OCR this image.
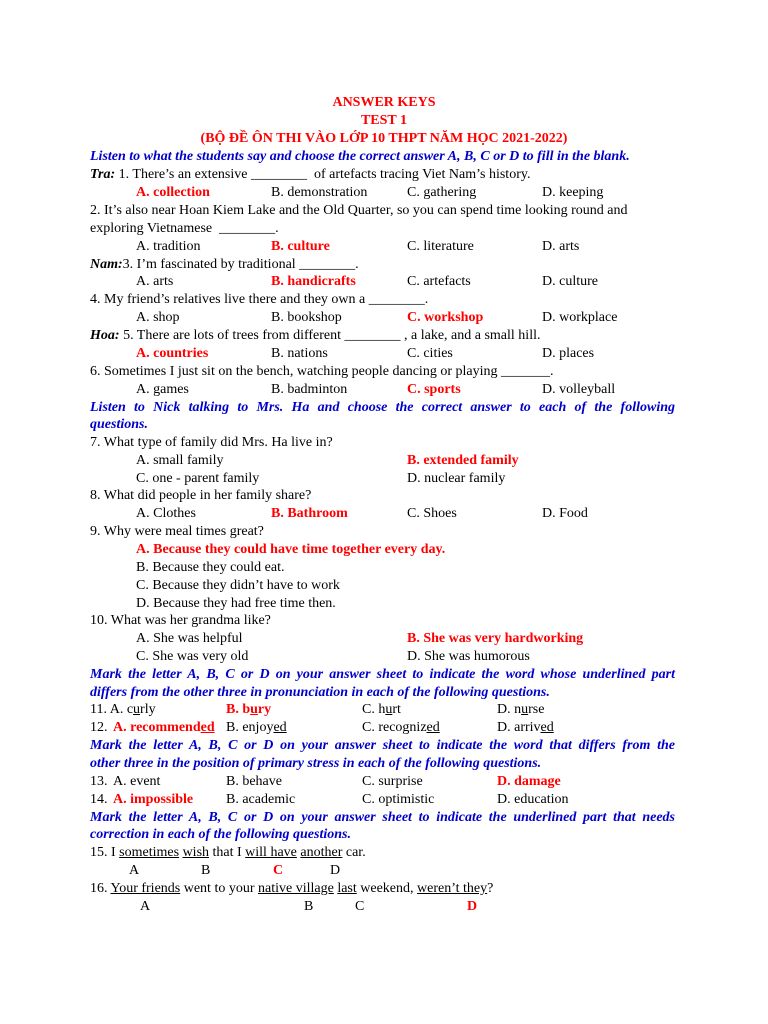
ANSWER KEYS
TEST 1
(BỘ ĐỀ ÔN THI VÀO LỚP 10 THPT NĂM HỌC 2021-2022)
Listen to what the students say and choose the correct answer A, B, C or D to fill in the blank.
Tra: 1. There’s an extensive ________  of artefacts tracing Viet Nam’s history.
A. collection	B. demonstration	C. gathering	D. keeping
2. It’s also near Hoan Kiem Lake and the Old Quarter, so you can spend time looking round and
exploring Vietnamese  ________.
A. tradition	B. culture	C. literature	D. arts
Nam:3. I’m fascinated by traditional ________.
A. arts	B. handicrafts	C. artefacts	D. culture
4. My friend’s relatives live there and they own a ________.
A. shop	B. bookshop	C. workshop	D. workplace
Hoa: 5. There are lots of trees from different ________ , a lake, and a small hill.
A. countries	B. nations	C. cities	D. places
6. Sometimes I just sit on the bench, watching people dancing or playing _______.
A. games	B. badminton	C. sports	D. volleyball
Listen to Nick talking to Mrs. Ha and choose the correct answer to each of the following
questions.
7. What type of family did Mrs. Ha live in?
A. small family	B. extended family
C. one - parent family	D. nuclear family
8. What did people in her family share?
A. Clothes	B. Bathroom	C. Shoes	D. Food
9. Why were meal times great?
A. Because they could have time together every day.
B. Because they could eat.
C. Because they didn’t have to work
D. Because they had free time then.
10. What was her grandma like?
A. She was helpful	B. She was very hardworking
C. She was very old	D. She was humorous
Mark the letter A, B, C or D on your answer sheet to indicate the word whose underlined part
differs from the other three in pronunciation in each of the following questions.
11. A. curly	B. bury	C. hurt	D. nurse
12. A. recommended B. enjoyed	C. recognized	D. arrived
Mark the letter A, B, C or D on your answer sheet to indicate the word that differs from the
other three in the position of primary stress in each of the following questions.
13. A. event	B. behave	C. surprise	D. damage
14. A. impossible B. academic	C. optimistic	D. education
Mark the letter A, B, C or D on your answer sheet to indicate the underlined part that needs
correction in each of the following questions.
15. I sometimes wish that I will have another car.
A	B	C	D
16. Your friends went to your native village last weekend, weren’t they?
A	B	C	D
